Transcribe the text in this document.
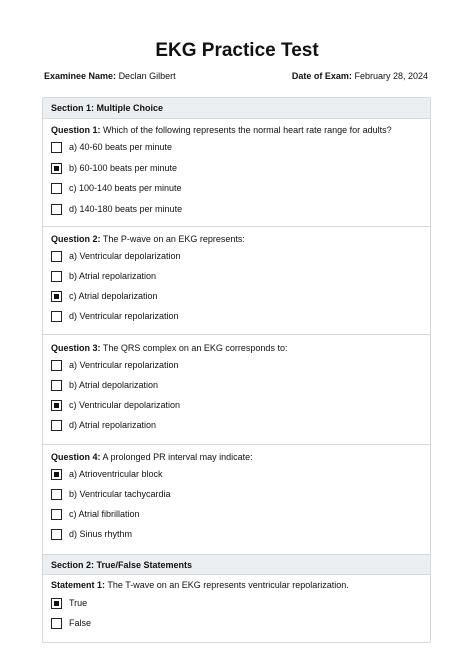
EKG Practice Test
Examinee Name: Declan Gilbert	Date of Exam: February 28, 2024
Section 1: Multiple Choice
Question 1: Which of the following represents the normal heart rate range for adults?
a) 40-60 beats per minute
b) 60-100 beats per minute
c) 100-140 beats per minute
d) 140-180 beats per minute
Question 2: The P-wave on an EKG represents:
a) Ventricular depolarization
b) Atrial repolarization
c) Atrial depolarization
d) Ventricular repolarization
Question 3: The QRS complex on an EKG corresponds to:
a) Ventricular repolarization
b) Atrial depolarization
c) Ventricular depolarization
d) Atrial repolarization
Question 4: A prolonged PR interval may indicate:
a) Atrioventricular block
b) Ventricular tachycardia
c) Atrial fibrillation
d) Sinus rhythm
Section 2: True/False Statements
Statement 1: The T-wave on an EKG represents ventricular repolarization.
True
False
